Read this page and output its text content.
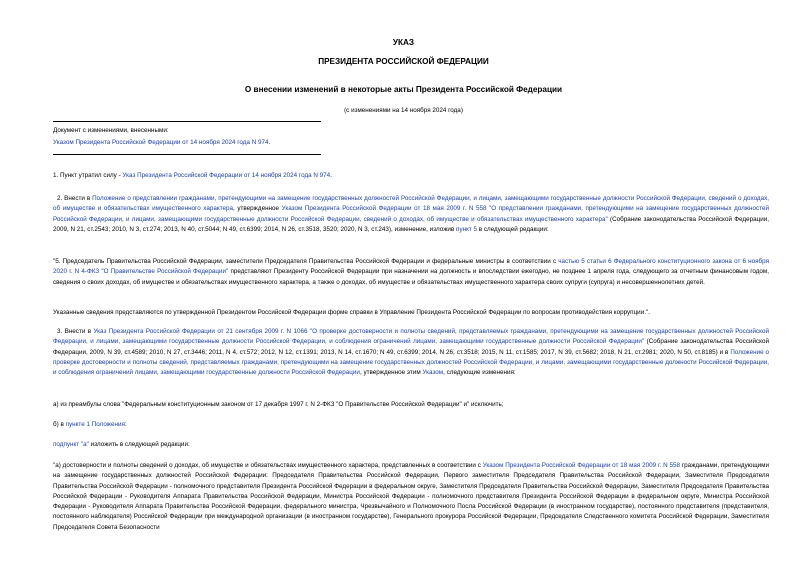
УКАЗ
ПРЕЗИДЕНТА РОССИЙСКОЙ ФЕДЕРАЦИИ
О внесении изменений в некоторые акты Президента Российской Федерации
(с изменениями на 14 ноября 2024 года)
Документ с изменениями, внесенными:
Указом Президента Российской Федерации от 14 ноября 2024 года N 974.
1. Пункт утратил силу - Указ Президента Российской Федерации от 14 ноября 2024 года N 974.
2. Внести в Положение о представлении гражданами, претендующими на замещение государственных должностей Российской Федерации, и лицами, замещающими государственные должности Российской Федерации, сведений о доходах, об имуществе и обязательствах имущественного характера, утвержденное Указом Президента Российской Федерации от 18 мая 2009 г. N 558 "О представлении гражданами, претендующими на замещение государственных должностей Российской Федерации, и лицами, замещающими государственные должности Российской Федерации, сведений о доходах, об имуществе и обязательствах имущественного характера" (Собрание законодательства Российской Федерации, 2009, N 21, ст.2543; 2010, N 3, ст.274; 2013, N 40, ст.5044; N 49, ст.6399; 2014, N 26, ст.3518, 3520; 2020, N 3, ст.243), изменение, изложив пункт 5 в следующей редакции:
"5. Председатель Правительства Российской Федерации, заместители Председателя Правительства Российской Федерации и федеральные министры в соответствии с частью 5 статьи 6 Федерального конституционного закона от 6 ноября 2020 г. N 4-ФКЗ "О Правительстве Российской Федерации" представляют Президенту Российской Федерации при назначении на должность и впоследствии ежегодно, не позднее 1 апреля года, следующего за отчетным финансовым годом, сведения о своих доходах, об имуществе и обязательствах имущественного характера, а также о доходах, об имуществе и обязательствах имущественного характера своих супруги (супруга) и несовершеннолетних детей.
Указанные сведения представляются по утвержденной Президентом Российской Федерации форме справки в Управление Президента Российской Федерации по вопросам противодействия коррупции.".
3. Внести в Указ Президента Российской Федерации от 21 сентября 2009 г. N 1066 "О проверке достоверности и полноты сведений, представляемых гражданами, претендующими на замещение государственных должностей Российской Федерации, и лицами, замещающими государственные должности Российской Федерации, и соблюдения ограничений лицами, замещающими государственные должности Российской Федерации" (Собрание законодательства Российской Федерации, 2009, N 39, ст.4589; 2010, N 27, ст.3446; 2011, N 4, ст.572; 2012, N 12, ст.1391; 2013, N 14, ст.1670; N 49, ст.6399; 2014, N 26, ст.3518; 2015, N 11, ст.1585; 2017, N 39, ст.5682; 2018, N 21, ст.2981; 2020, N 50, ст.8185) и в Положение о проверке достоверности и полноты сведений, представляемых гражданами, претендующими на замещение государственных должностей Российской Федерации, и лицами, замещающими государственные должности Российской Федерации, и соблюдения ограничений лицами, замещающими государственные должности Российской Федерации, утвержденное этим Указом, следующие изменения:
а) из преамбулы слова "Федеральным конституционным законом от 17 декабря 1997 г. N 2-ФКЗ "О Правительстве Российской Федерации" и" исключить;
б) в пункте 1 Положения:
подпункт "а" изложить в следующей редакции:
"а) достоверности и полноты сведений о доходах, об имуществе и обязательствах имущественного характера, представленных в соответствии с Указом Президента Российской Федерации от 18 мая 2009 г. N 558 гражданами, претендующими на замещение государственных должностей Российской Федерации: Председателя Правительства Российской Федерации, Первого заместителя Председателя Правительства Российской Федерации, Заместителя Председателя Правительства Российской Федерации - полномочного представителя Президента Российской Федерации в федеральном округе, Заместителя Председателя Правительства Российской Федерации, Заместителя Председателя Правительства Российской Федерации - Руководителя Аппарата Правительства Российской Федерации, Министра Российской Федерации - полномочного представителя Президента Российской Федерации в федеральном округе, Министра Российской Федерации - Руководителя Аппарата Правительства Российской Федерации, федерального министра, Чрезвычайного и Полномочного Посла Российской Федерации (в иностранном государстве), постоянного представителя (представителя, постоянного наблюдателя) Российской Федерации при международной организации (в иностранном государстве), Генерального прокурора Российской Федерации, Председателя Следственного комитета Российской Федерации, Заместителя Председателя Совета Безопасности
